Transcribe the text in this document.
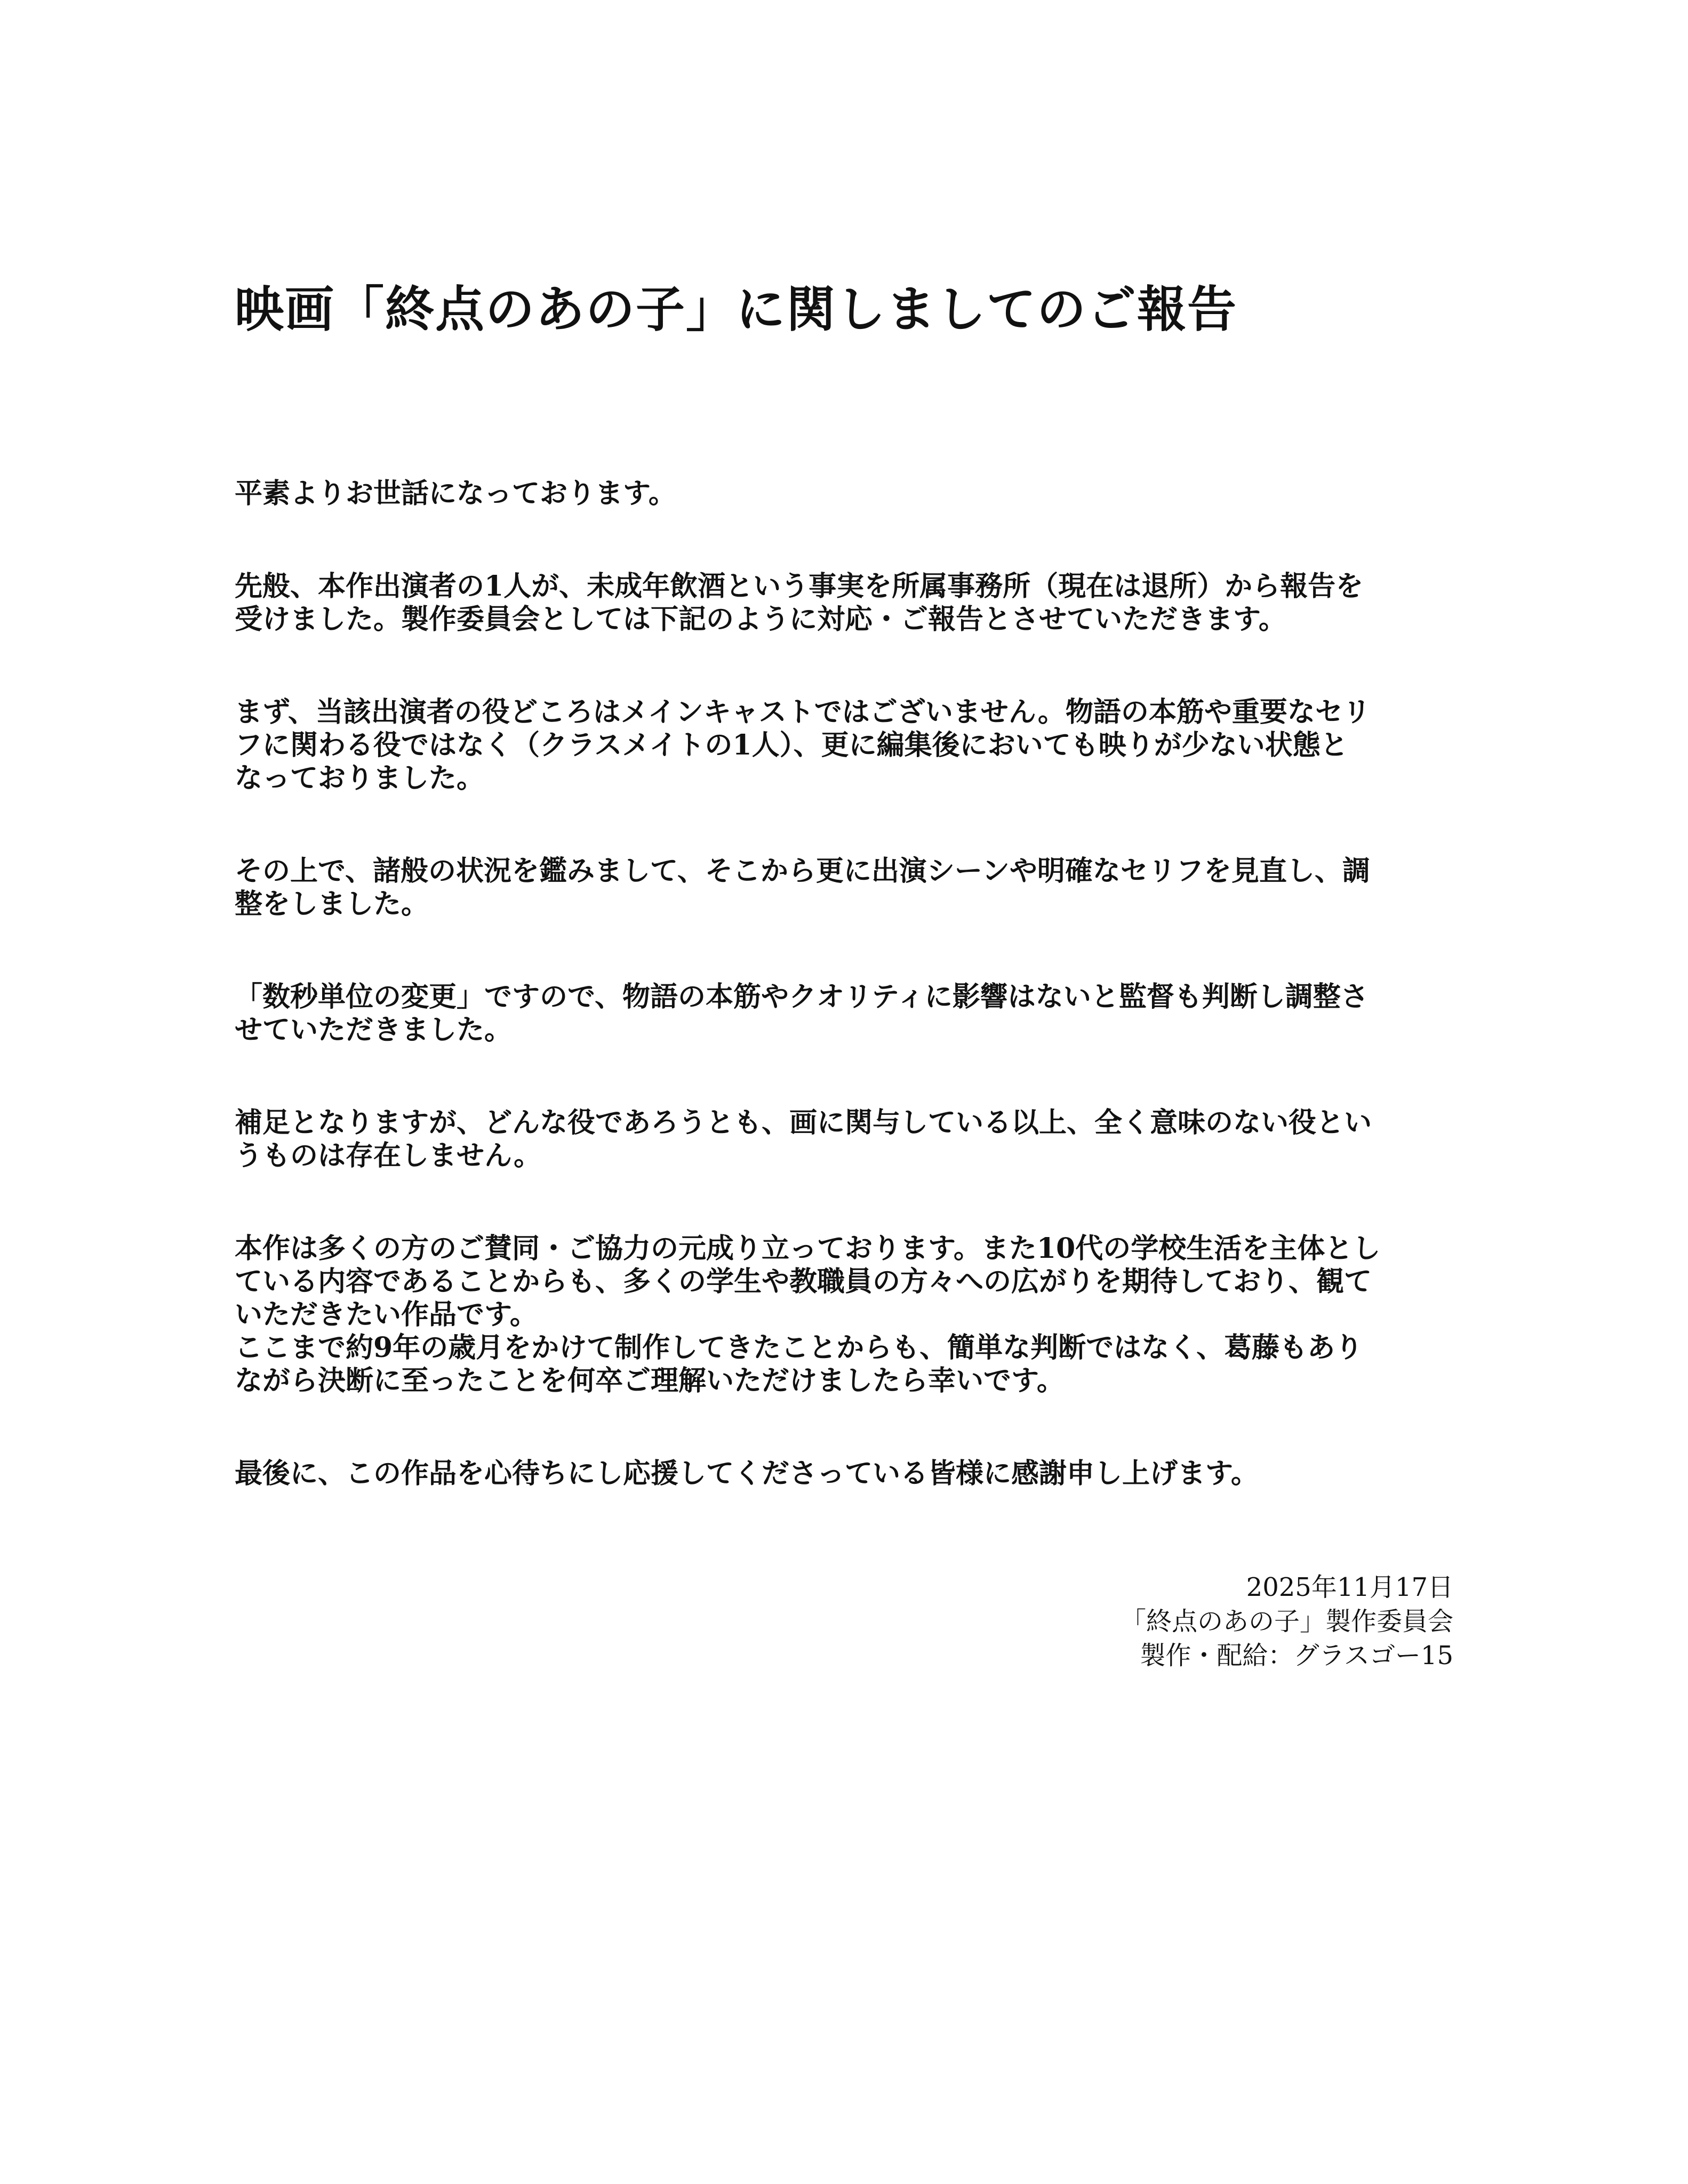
映画「終点のあの子」に関しましてのご報告

平素よりお世話になっております。

先般、本作出演者の1人が、未成年飲酒という事実を所属事務所（現在は退所）から報告を
受けました。製作委員会としては下記のように対応・ご報告とさせていただきます。

まず、当該出演者の役どころはメインキャストではございません。物語の本筋や重要なセリ
フに関わる役ではなく（クラスメイトの1人）、更に編集後においても映りが少ない状態と
なっておりました。

その上で、諸般の状況を鑑みまして、そこから更に出演シーンや明確なセリフを見直し、調
整をしました。

「数秒単位の変更」ですので、物語の本筋やクオリティに影響はないと監督も判断し調整さ
せていただきました。

補足となりますが、どんな役であろうとも、画に関与している以上、全く意味のない役とい
うものは存在しません。

本作は多くの方のご賛同・ご協力の元成り立っております。また10代の学校生活を主体とし
ている内容であることからも、多くの学生や教職員の方々への広がりを期待しており、観て
いただきたい作品です。
ここまで約9年の歳月をかけて制作してきたことからも、簡単な判断ではなく、葛藤もあり
ながら決断に至ったことを何卒ご理解いただけましたら幸いです。

最後に、この作品を心待ちにし応援してくださっている皆様に感謝申し上げます。

2025年11月17日
「終点のあの子」製作委員会
製作・配給：グラスゴー15
